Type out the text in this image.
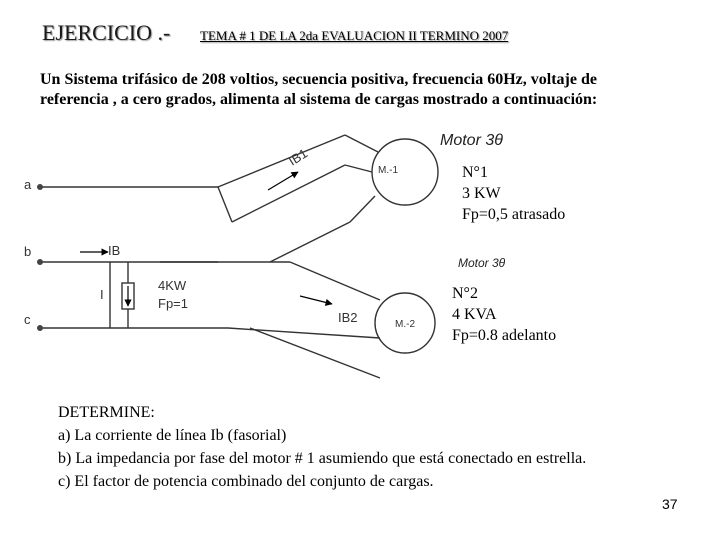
EJERCICIO .- TEMA # 1 DE LA 2da EVALUACION II TERMINO 2007
Un Sistema trifásico de 208 voltios, secuencia positiva, frecuencia 60Hz, voltaje de
referencia , a cero grados, alimenta al sistema de cargas mostrado a continuación:
a
b
c
IB1
IB
I
4KW
Fp=1
IB2
M.-1
M.-2
Motor 3θ
N°1
3 KW
Fp=0,5 atrasado
Motor 3θ
N°2
4 KVA
Fp=0.8 adelanto
DETERMINE:
a) La corriente de línea Ib (fasorial)
b) La impedancia por fase del motor # 1 asumiendo que está conectado en estrella.
c) El factor de potencia combinado del conjunto de cargas.
37
